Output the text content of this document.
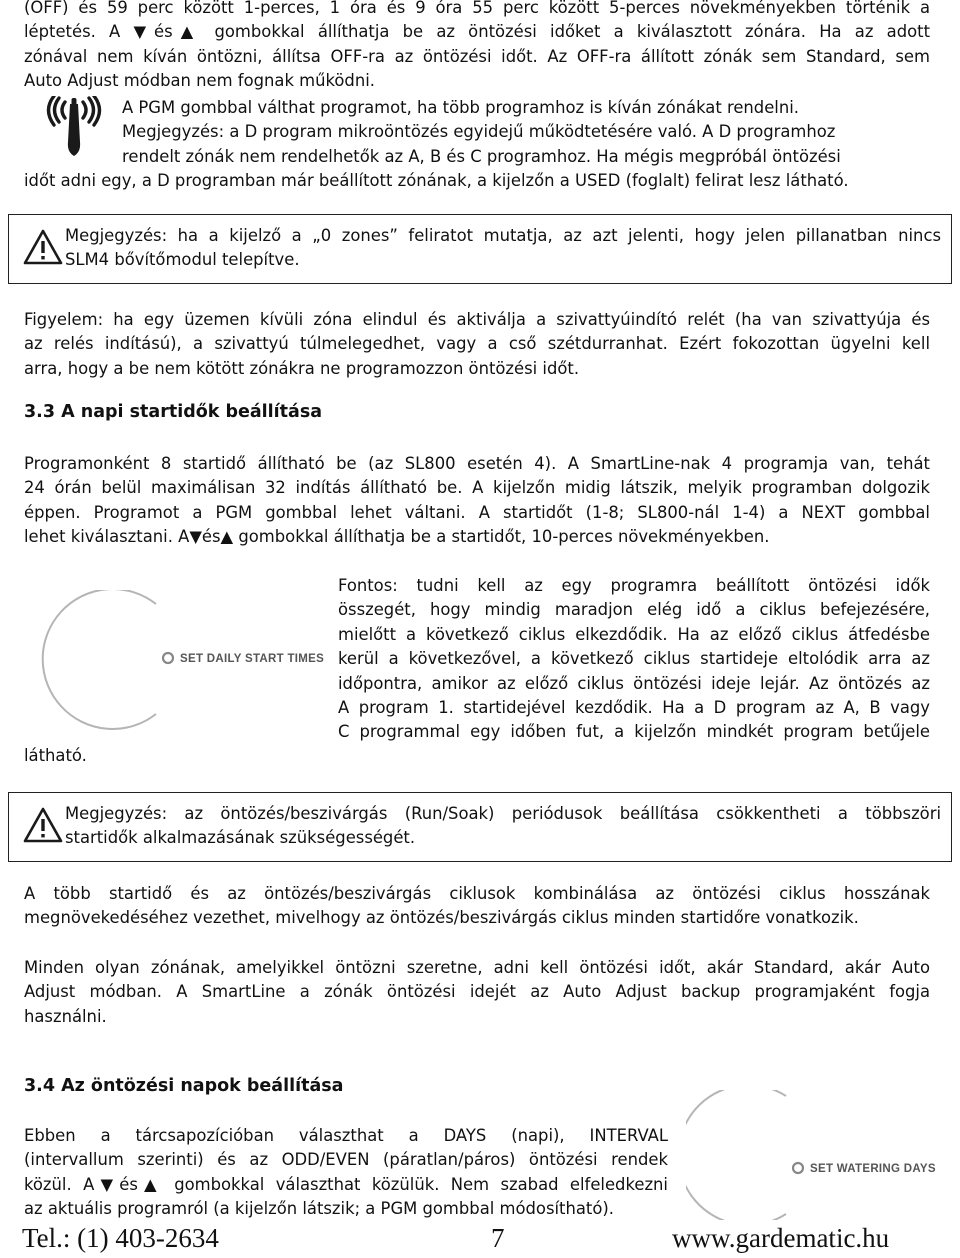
(OFF) és 59 perc között 1-perces, 1 óra és 9 óra 55 perc között 5-perces növekményekben történik a
léptetés. A ▼és▲ gombokkal állíthatja be az öntözési időket a kiválasztott zónára. Ha az adott
zónával nem kíván öntözni, állítsa OFF-ra az öntözési időt. Az OFF-ra állított zónák sem Standard, sem
Auto Adjust módban nem fognak működni.
A PGM gombbal válthat programot, ha több programhoz is kíván zónákat rendelni.
Megjegyzés: a D program mikroöntözés egyidejű működtetésére való. A D programhoz
rendelt zónák nem rendelhetők az A, B és C programhoz. Ha mégis megpróbál öntözési
időt adni egy, a D programban már beállított zónának, a kijelzőn a USED (foglalt) felirat lesz látható.
Megjegyzés: ha a kijelző a „0 zones” feliratot mutatja, az azt jelenti, hogy jelen pillanatban nincs
SLM4 bővítőmodul telepítve.
Figyelem: ha egy üzemen kívüli zóna elindul és aktiválja a szivattyúindító relét (ha van szivattyúja és
az relés indítású), a szivattyú túlmelegedhet, vagy a cső szétdurranhat. Ezért fokozottan ügyelni kell
arra, hogy a be nem kötött zónákra ne programozzon öntözési időt.
3.3 A napi startidők beállítása
Programonként 8 startidő állítható be (az SL800 esetén 4). A SmartLine-nak 4 programja van, tehát
24 órán belül maximálisan 32 indítás állítható be. A kijelzőn midig látszik, melyik programban dolgozik
éppen. Programot a PGM gombbal lehet váltani. A startidőt (1-8; SL800-nál 1-4) a NEXT gombbal
lehet kiválasztani. A▼és▲ gombokkal állíthatja be a startidőt, 10-perces növekményekben.
SET DAILY START TIMES
Fontos: tudni kell az egy programra beállított öntözési idők
összegét, hogy mindig maradjon elég idő a ciklus befejezésére,
mielőtt a következő ciklus elkezdődik. Ha az előző ciklus átfedésbe
kerül a következővel, a következő ciklus startideje eltolódik arra az
időpontra, amikor az előző ciklus öntözési ideje lejár. Az öntözés az
A program 1. startidejével kezdődik. Ha a D program az A, B vagy
C programmal egy időben fut, a kijelzőn mindkét program betűjele
látható.
Megjegyzés: az öntözés/beszivárgás (Run/Soak) periódusok beállítása csökkentheti a többszöri
startidők alkalmazásának szükségességét.
A több startidő és az öntözés/beszivárgás ciklusok kombinálása az öntözési ciklus hosszának
megnövekedéséhez vezethet, mivelhogy az öntözés/beszivárgás ciklus minden startidőre vonatkozik.
Minden olyan zónának, amelyikkel öntözni szeretne, adni kell öntözési időt, akár Standard, akár Auto
Adjust módban. A SmartLine a zónák öntözési idejét az Auto Adjust backup programjaként fogja
használni.
3.4 Az öntözési napok beállítása
Ebben a tárcsapozícióban választhat a DAYS (napi), INTERVAL
(intervallum szerinti) és az ODD/EVEN (páratlan/páros) öntözési rendek
közül. A▼és▲ gombokkal választhat közülük. Nem szabad elfeledkezni
az aktuális programról (a kijelzőn látszik; a PGM gombbal módosítható).
SET WATERING DAYS
Tel.: (1) 403-2634	7	www.gardematic.hu
